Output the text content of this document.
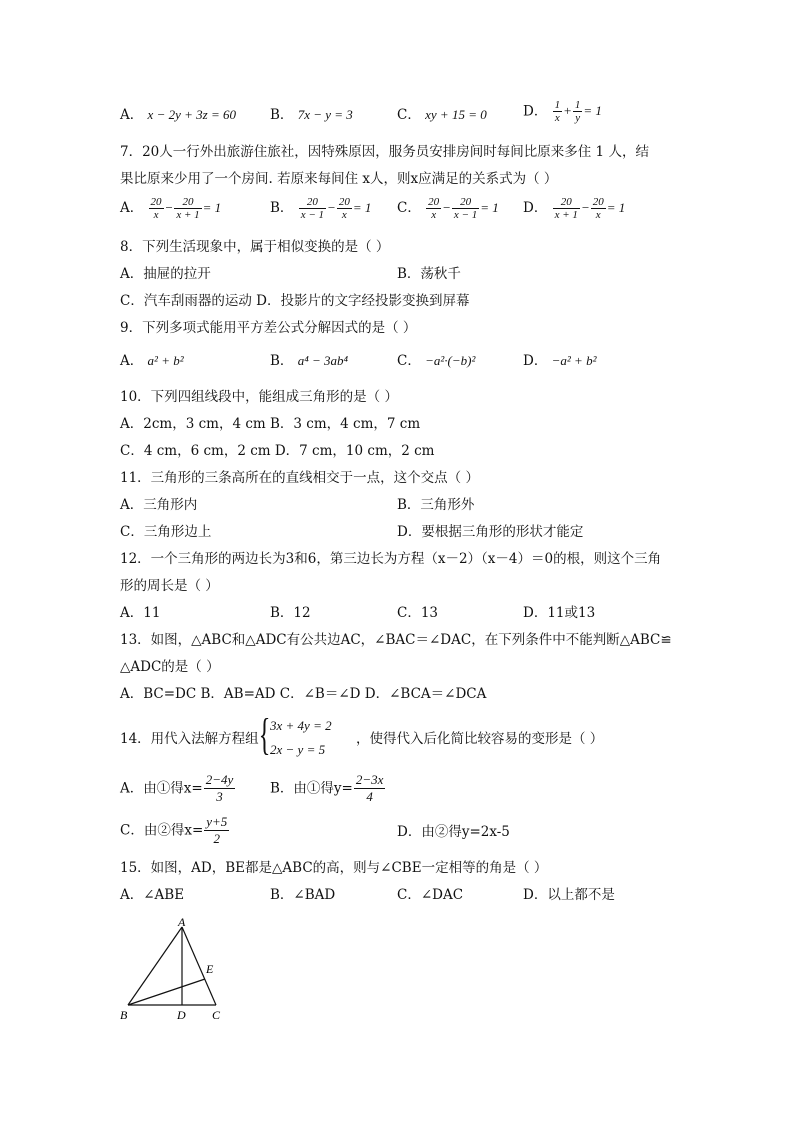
A． x − 2y + 3z = 60	B． 7x − y = 3	C． xy + 15 = 0	D． $\frac{1}{x} + \frac{1}{y} = 1$
7．20人一行外出旅游住旅社，因特殊原因，服务员安排房间时每间比原来多住 1 人，结
果比原来少用了一个房间. 若原来每间住 x人，则x应满足的关系式为（ ）
A． $\frac{20}{x} - \frac{20}{x + 1} = 1$	B． $\frac{20}{x - 1} - \frac{20}{x} = 1$ C． $\frac{20}{x} - \frac{20}{x - 1} = 1$ D． $\frac{20}{x + 1} - \frac{20}{x} = 1$
8．下列生活现象中，属于相似变换的是（ ）
A．抽屉的拉开	B．荡秋千
C．汽车刮雨器的运动 D．投影片的文字经投影变换到屏幕
9．下列多项式能用平方差公式分解因式的是（ ）
A． a² + b²	B． a⁴ − 3ab⁴	C． −a²·(−b)²	D． −a² + b²
10．下列四组线段中，能组成三角形的是（ ）
A．2cm，3 cm，4 cm B．3 cm，4 cm，7 cm
C．4 cm，6 cm，2 cm D．7 cm，10 cm，2 cm
11．三角形的三条高所在的直线相交于一点，这个交点（ ）
A．三角形内	B．三角形外
C．三角形边上	D．要根据三角形的形状才能定
12．一个三角形的两边长为3和6，第三边长为方程（x－2）（x－4）＝0的根，则这个三角
形的周长是（ ）
A．11	B．12	C．13	D．11或13
13．如图，△ABC和△ADC有公共边AC，∠BAC＝∠DAC，在下列条件中不能判断△ABC≌
△ADC的是（ ）
A．BC=DC B．AB=AD C．∠B＝∠D D．∠BCA＝∠DCA
14．用代入法解方程组 { 3x + 4y = 2
2x − y = 5
，使得代入后化简比较容易的变形是（ ）
A．由①得$x= \frac{2-4y}{3}$	B．由①得$y= \frac{2-3x}{4}$
C．由②得$x= \frac{y+5}{2}$	D．由②得y=2x-5
15．如图，AD，BE都是△ABC的高，则与∠CBE一定相等的角是（ ）
A．∠ABE	B．∠BAD	C．∠DAC	D．以上都不是
A
B	C
D
E
